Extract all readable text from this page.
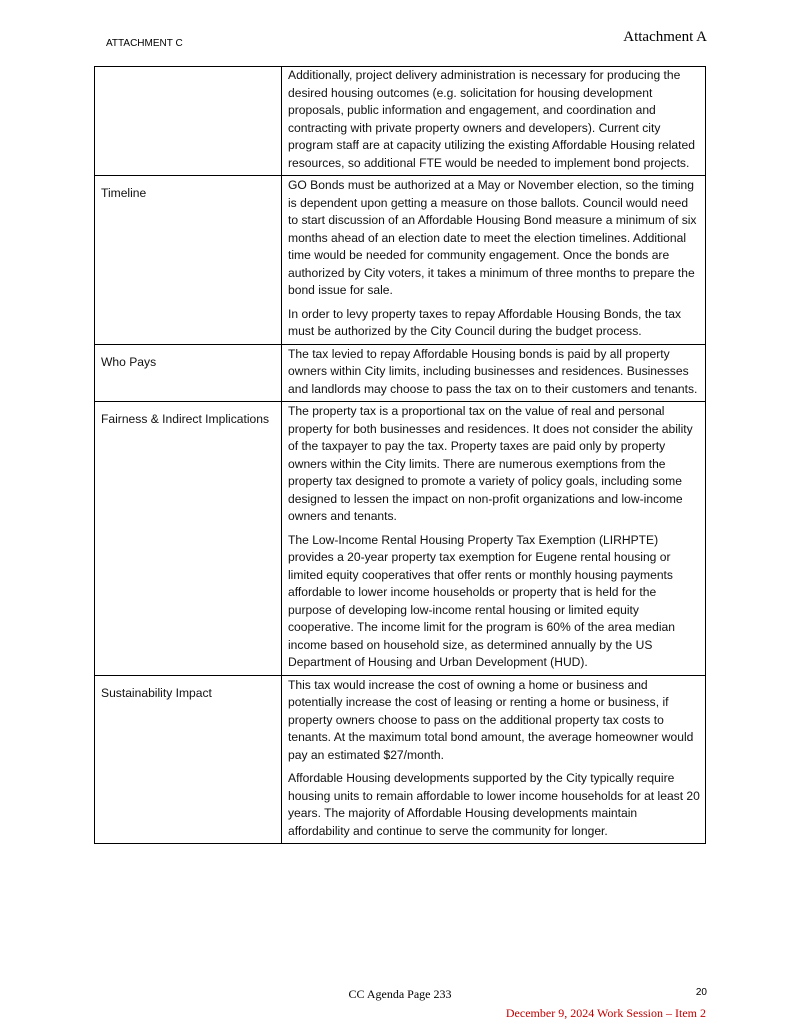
ATTACHMENT C	Attachment A

	Additionally, project delivery administration is necessary for producing the desired housing outcomes (e.g. solicitation for housing development proposals, public information and engagement, and coordination and contracting with private property owners and developers). Current city program staff are at capacity utilizing the existing Affordable Housing related resources, so additional FTE would be needed to implement bond projects.

Timeline	GO Bonds must be authorized at a May or November election, so the timing is dependent upon getting a measure on those ballots. Council would need to start discussion of an Affordable Housing Bond measure a minimum of six months ahead of an election date to meet the election timelines. Additional time would be needed for community engagement. Once the bonds are authorized by City voters, it takes a minimum of three months to prepare the bond issue for sale.

In order to levy property taxes to repay Affordable Housing Bonds, the tax must be authorized by the City Council during the budget process.

Who Pays	The tax levied to repay Affordable Housing bonds is paid by all property owners within City limits, including businesses and residences. Businesses and landlords may choose to pass the tax on to their customers and tenants.

Fairness & Indirect Implications	The property tax is a proportional tax on the value of real and personal property for both businesses and residences. It does not consider the ability of the taxpayer to pay the tax. Property taxes are paid only by property owners within the City limits. There are numerous exemptions from the property tax designed to promote a variety of policy goals, including some designed to lessen the impact on non-profit organizations and low-income owners and tenants.

The Low-Income Rental Housing Property Tax Exemption (LIRHPTE) provides a 20-year property tax exemption for Eugene rental housing or limited equity cooperatives that offer rents or monthly housing payments affordable to lower income households or property that is held for the purpose of developing low-income rental housing or limited equity cooperative. The income limit for the program is 60% of the area median income based on household size, as determined annually by the US Department of Housing and Urban Development (HUD).

Sustainability Impact	This tax would increase the cost of owning a home or business and potentially increase the cost of leasing or renting a home or business, if property owners choose to pass on the additional property tax costs to tenants. At the maximum total bond amount, the average homeowner would pay an estimated $27/month.

Affordable Housing developments supported by the City typically require housing units to remain affordable to lower income households for at least 20 years. The majority of Affordable Housing developments maintain affordability and continue to serve the community for longer.

CC Agenda Page 233	20
December 9, 2024 Work Session – Item 2
